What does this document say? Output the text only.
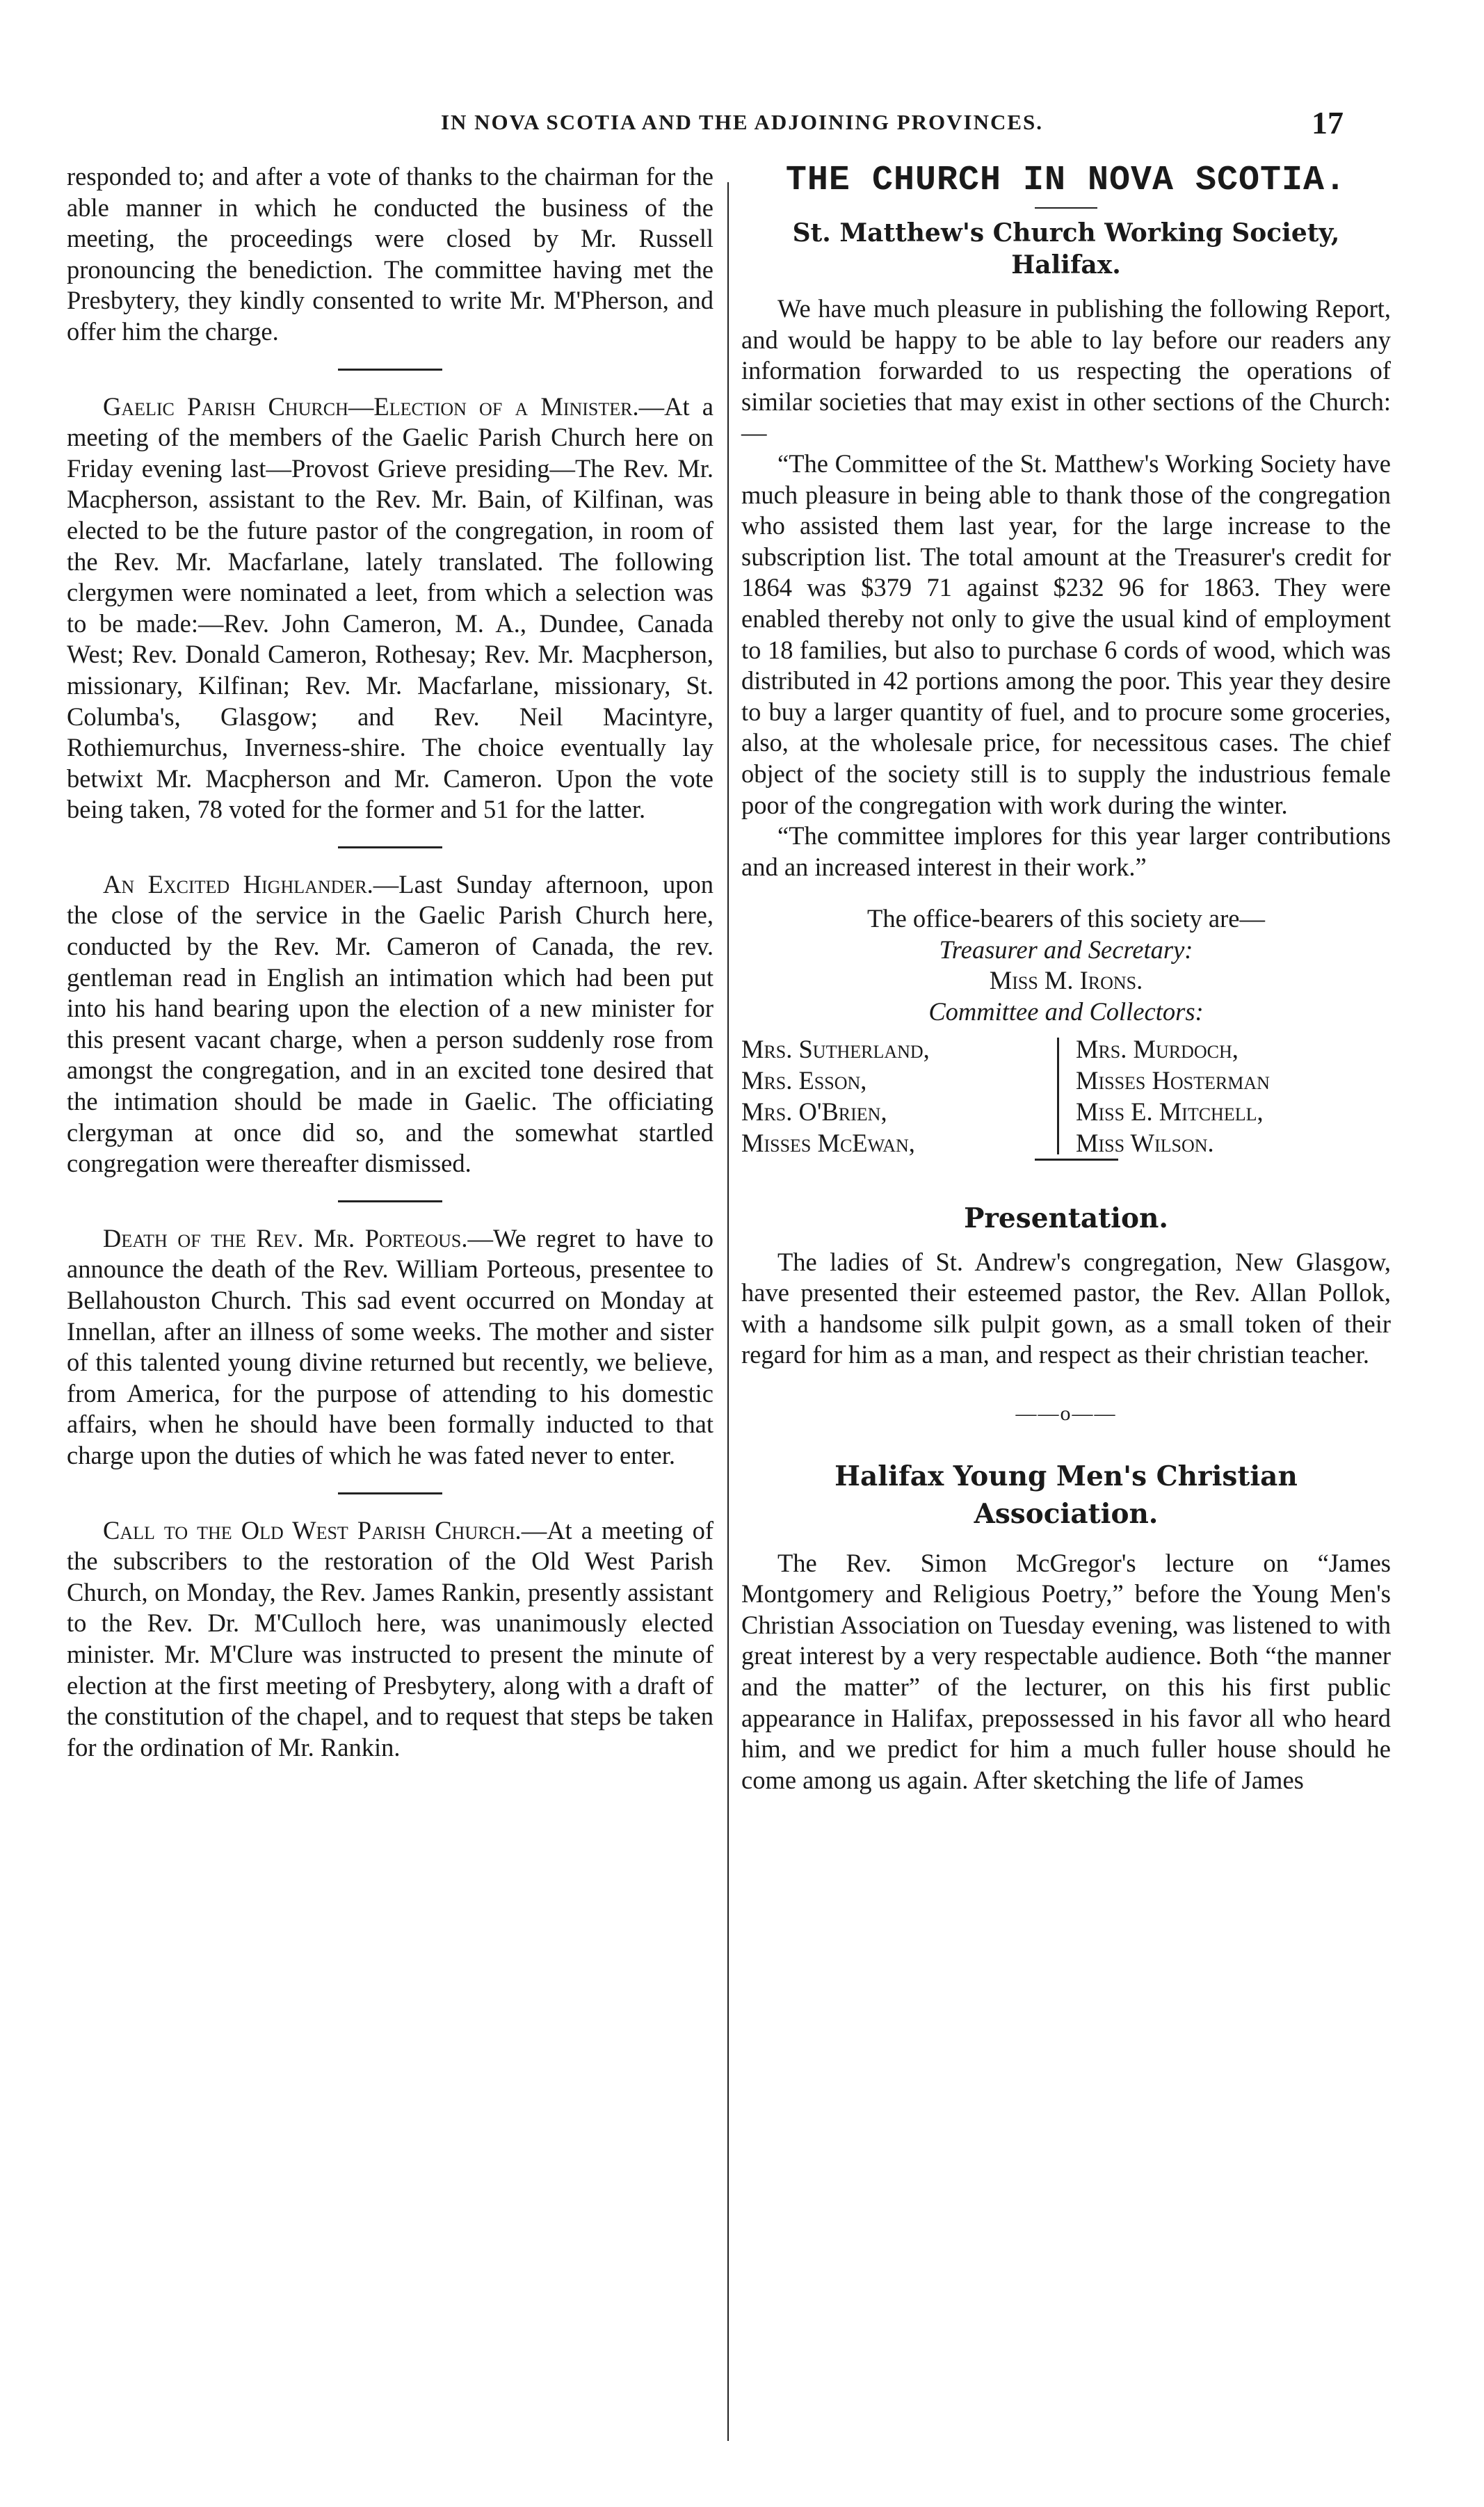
IN NOVA SCOTIA AND THE ADJOINING PROVINCES.	17

responded to; and after a vote of thanks to the chairman for the able manner in which he conducted the business of the meeting, the proceedings were closed by Mr. Russell pronouncing the benediction. The committee having met the Presbytery, they kindly consented to write Mr. M'Pherson, and offer him the charge.

Gaelic Parish Church—Election of a Minister.—At a meeting of the members of the Gaelic Parish Church here on Friday evening last—Provost Grieve presiding—The Rev. Mr. Macpherson, assistant to the Rev. Mr. Bain, of Kilfinan, was elected to be the future pastor of the congregation, in room of the Rev. Mr. Macfarlane, lately translated. The following clergymen were nominated a leet, from which a selection was to be made:—Rev. John Cameron, M. A., Dundee, Canada West; Rev. Donald Cameron, Rothesay; Rev. Mr. Macpherson, missionary, Kilfinan; Rev. Mr. Macfarlane, missionary, St. Columba's, Glasgow; and Rev. Neil Macintyre, Rothiemurchus, Inverness-shire. The choice eventually lay betwixt Mr. Macpherson and Mr. Cameron. Upon the vote being taken, 78 voted for the former and 51 for the latter.

An Excited Highlander.—Last Sunday afternoon, upon the close of the service in the Gaelic Parish Church here, conducted by the Rev. Mr. Cameron of Canada, the rev. gentleman read in English an intimation which had been put into his hand bearing upon the election of a new minister for this present vacant charge, when a person suddenly rose from amongst the congregation, and in an excited tone desired that the intimation should be made in Gaelic. The officiating clergyman at once did so, and the somewhat startled congregation were thereafter dismissed.

Death of the Rev. Mr. Porteous.—We regret to have to announce the death of the Rev. William Porteous, presentee to Bellahouston Church. This sad event occurred on Monday at Innellan, after an illness of some weeks. The mother and sister of this talented young divine returned but recently, we believe, from America, for the purpose of attending to his domestic affairs, when he should have been formally inducted to that charge upon the duties of which he was fated never to enter.

Call to the Old West Parish Church.—At a meeting of the subscribers to the restoration of the Old West Parish Church, on Monday, the Rev. James Rankin, presently assistant to the Rev. Dr. M'Culloch here, was unanimously elected minister. Mr. M'Clure was instructed to present the minute of election at the first meeting of Presbytery, along with a draft of the constitution of the chapel, and to request that steps be taken for the ordination of Mr. Rankin.

THE CHURCH IN NOVA SCOTIA.
St. Matthew's Church Working Society, Halifax.

We have much pleasure in publishing the following Report, and would be happy to be able to lay before our readers any information forwarded to us respecting the operations of similar societies that may exist in other sections of the Church:—

“The Committee of the St. Matthew's Working Society have much pleasure in being able to thank those of the congregation who assisted them last year, for the large increase to the subscription list. The total amount at the Treasurer's credit for 1864 was $379 71 against $232 96 for 1863. They were enabled thereby not only to give the usual kind of employment to 18 families, but also to purchase 6 cords of wood, which was distributed in 42 portions among the poor. This year they desire to buy a larger quantity of fuel, and to procure some groceries, also, at the wholesale price, for necessitous cases. The chief object of the society still is to supply the industrious female poor of the congregation with work during the winter.

“The committee implores for this year larger contributions and an increased interest in their work.”

The office-bearers of this society are—

Treasurer and Secretary:

Miss M. Irons.

Committee and Collectors:

Mrs. Sutherland,
Mrs. Esson,
Mrs. O'Brien,
Misses McEwan,
Mrs. Murdoch,
Misses Hosterman
Miss E. Mitchell,
Miss Wilson.
Presentation.

The ladies of St. Andrew's congregation, New Glasgow, have presented their esteemed pastor, the Rev. Allan Pollok, with a handsome silk pulpit gown, as a small token of their regard for him as a man, and respect as their christian teacher.

——o——
Halifax Young Men's Christian Association.

The Rev. Simon McGregor's lecture on “James Montgomery and Religious Poetry,” before the Young Men's Christian Association on Tuesday evening, was listened to with great interest by a very respectable audience. Both “the manner and the matter” of the lecturer, on this his first public appearance in Halifax, prepossessed in his favor all who heard him, and we predict for him a much fuller house should he come among us again. After sketching the life of James
